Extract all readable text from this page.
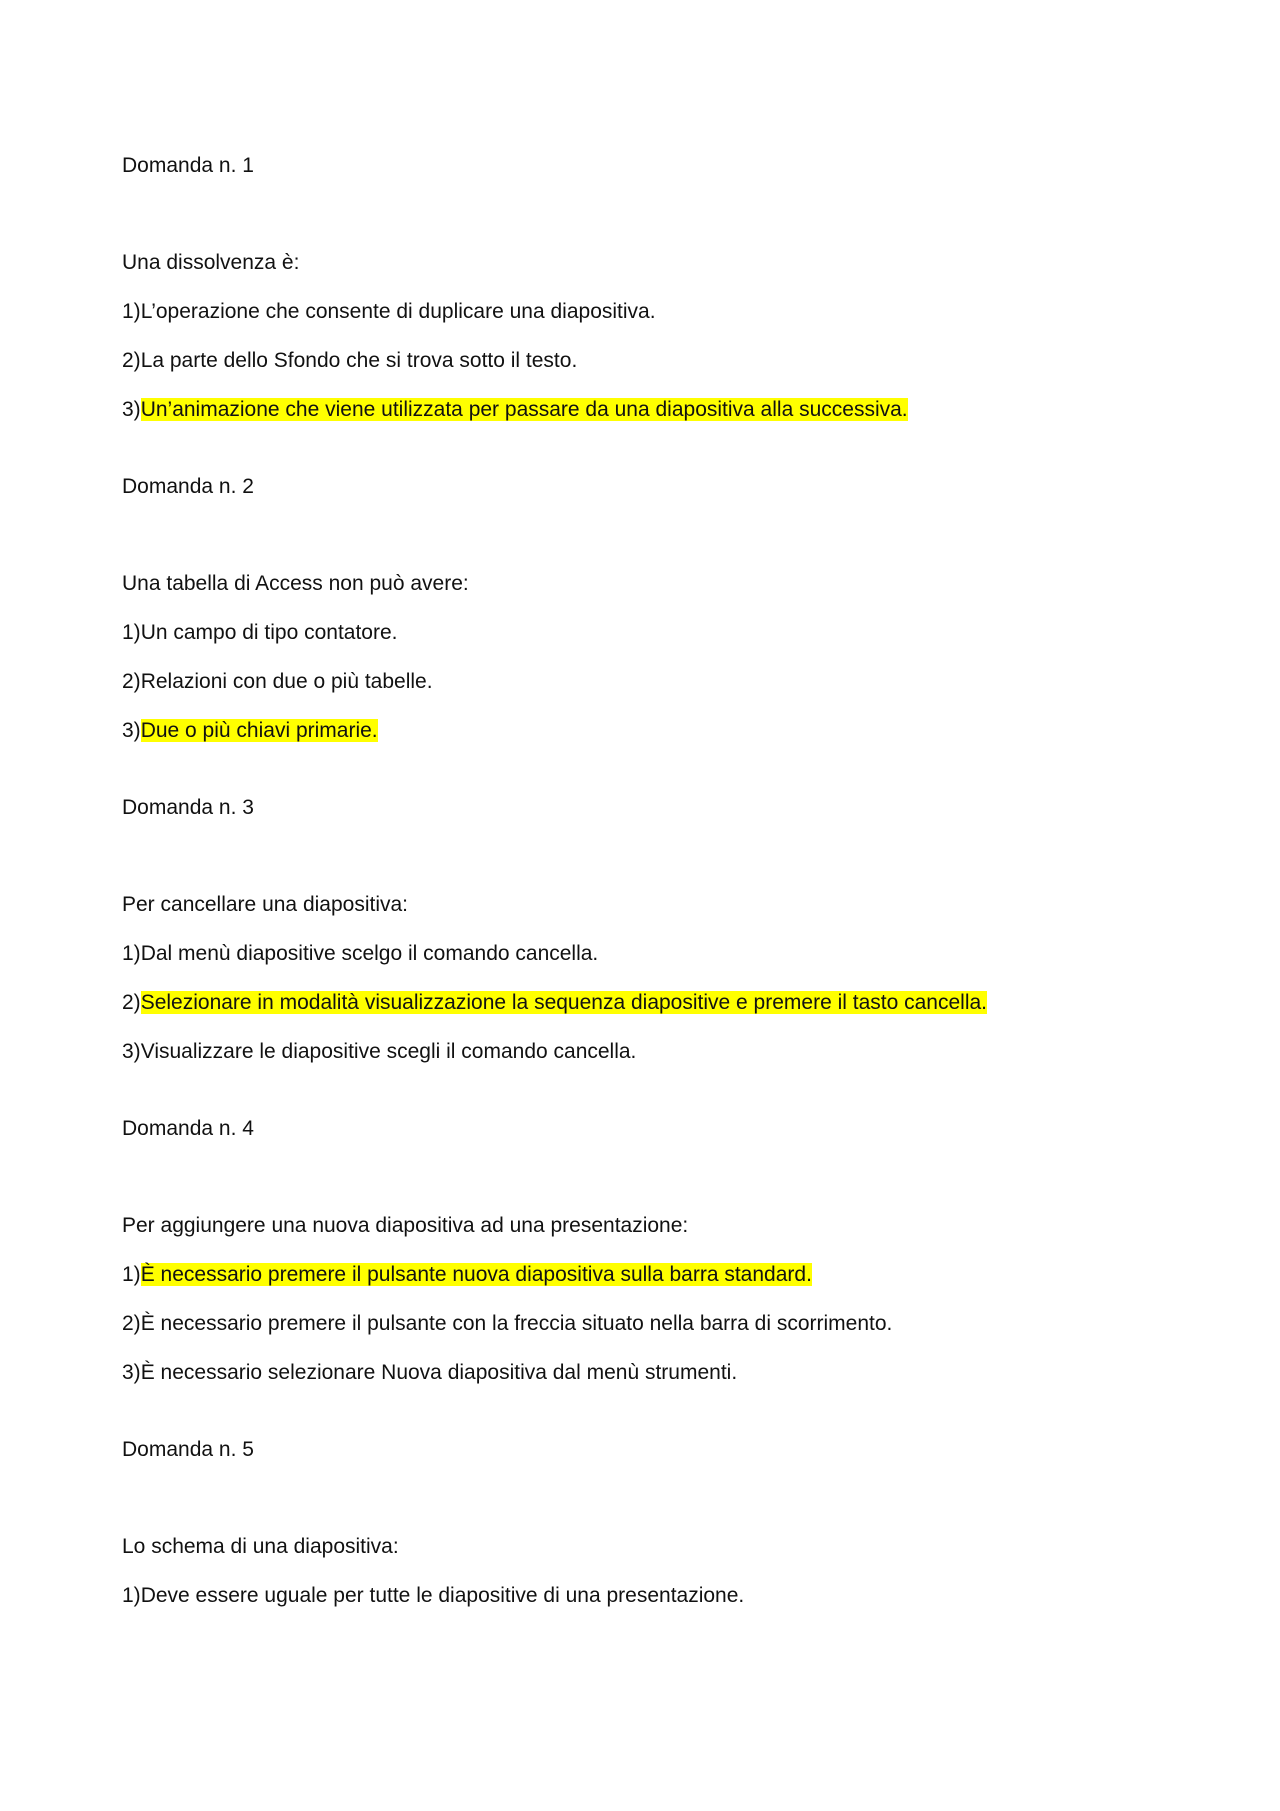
Domanda n. 1
Una dissolvenza è:
1)L’operazione che consente di duplicare una diapositiva.
2)La parte dello Sfondo che si trova sotto il testo.
3)Un’animazione che viene utilizzata per passare da una diapositiva alla successiva.
Domanda n. 2
Una tabella di Access non può avere:
1)Un campo di tipo contatore.
2)Relazioni con due o più tabelle.
3)Due o più chiavi primarie.
Domanda n. 3
Per cancellare una diapositiva:
1)Dal menù diapositive scelgo il comando cancella.
2)Selezionare in modalità visualizzazione la sequenza diapositive e premere il tasto cancella.
3)Visualizzare le diapositive scegli il comando cancella.
Domanda n. 4
Per aggiungere una nuova diapositiva ad una presentazione:
1)È necessario premere il pulsante nuova diapositiva sulla barra standard.
2)È necessario premere il pulsante con la freccia situato nella barra di scorrimento.
3)È necessario selezionare Nuova diapositiva dal menù strumenti.
Domanda n. 5
Lo schema di una diapositiva:
1)Deve essere uguale per tutte le diapositive di una presentazione.
